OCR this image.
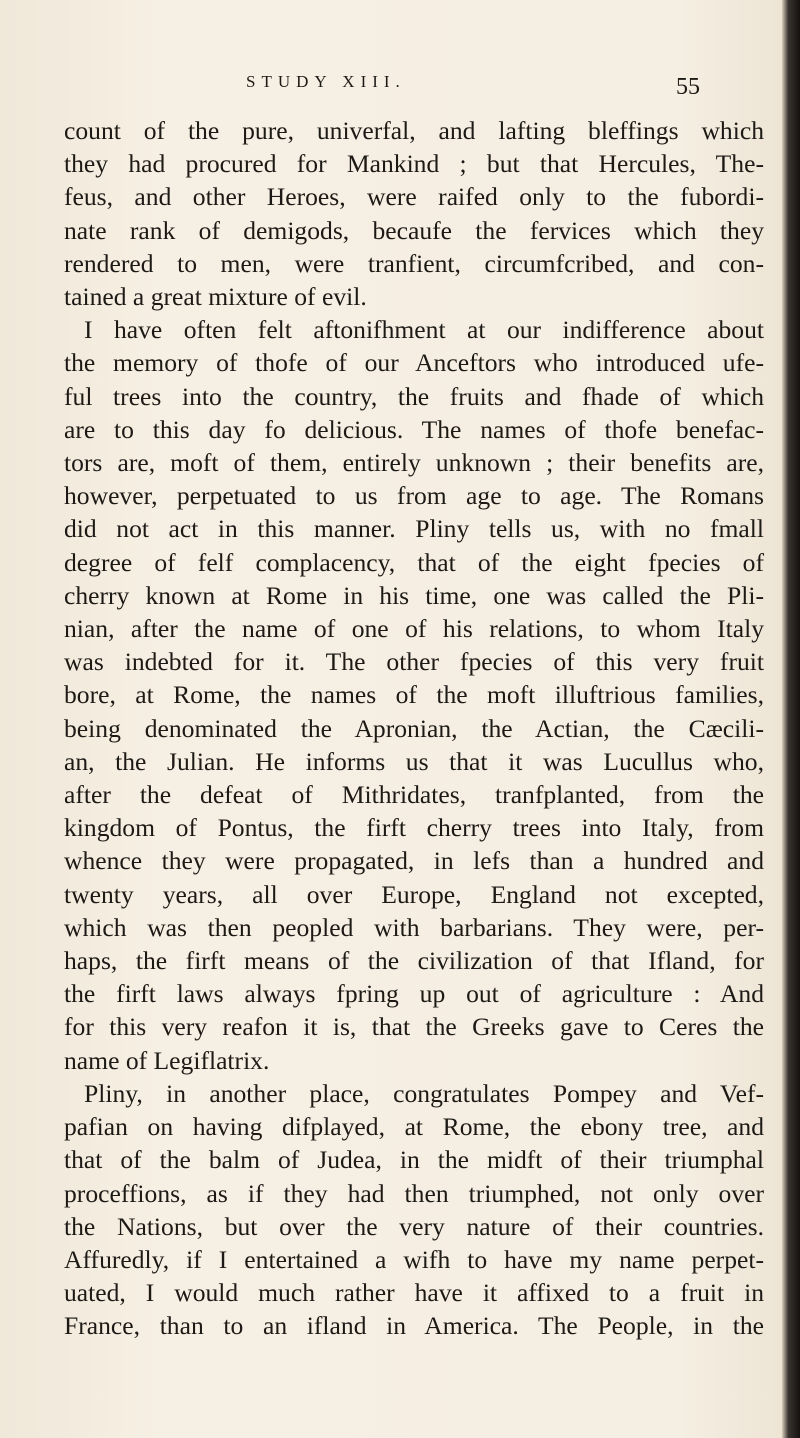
STUDY XIII.	55
count of the pure, univerfal, and lafting bleffings which
they had procured for Mankind ; but that Hercules, The-
feus, and other Heroes, were raifed only to the fubordi-
nate rank of demigods, becaufe the fervices which they
rendered to men, were tranfient, circumfcribed, and con-
tained a great mixture of evil.
I have often felt aftonifhment at our indifference about
the memory of thofe of our Anceftors who introduced ufe-
ful trees into the country, the fruits and fhade of which
are to this day fo delicious. The names of thofe benefac-
tors are, moft of them, entirely unknown ; their benefits are,
however, perpetuated to us from age to age. The Romans
did not act in this manner. Pliny tells us, with no fmall
degree of felf complacency, that of the eight fpecies of
cherry known at Rome in his time, one was called the Pli-
nian, after the name of one of his relations, to whom Italy
was indebted for it. The other fpecies of this very fruit
bore, at Rome, the names of the moft illuftrious families,
being denominated the Apronian, the Actian, the Cæcili-
an, the Julian. He informs us that it was Lucullus who,
after the defeat of Mithridates, tranfplanted, from the
kingdom of Pontus, the firft cherry trees into Italy, from
whence they were propagated, in lefs than a hundred and
twenty years, all over Europe, England not excepted,
which was then peopled with barbarians. They were, per-
haps, the firft means of the civilization of that Ifland, for
the firft laws always fpring up out of agriculture : And
for this very reafon it is, that the Greeks gave to Ceres the
name of Legiflatrix.
Pliny, in another place, congratulates Pompey and Vef-
pafian on having difplayed, at Rome, the ebony tree, and
that of the balm of Judea, in the midft of their triumphal
proceffions, as if they had then triumphed, not only over
the Nations, but over the very nature of their countries.
Affuredly, if I entertained a wifh to have my name perpet-
uated, I would much rather have it affixed to a fruit in
France, than to an ifland in America. The People, in the
